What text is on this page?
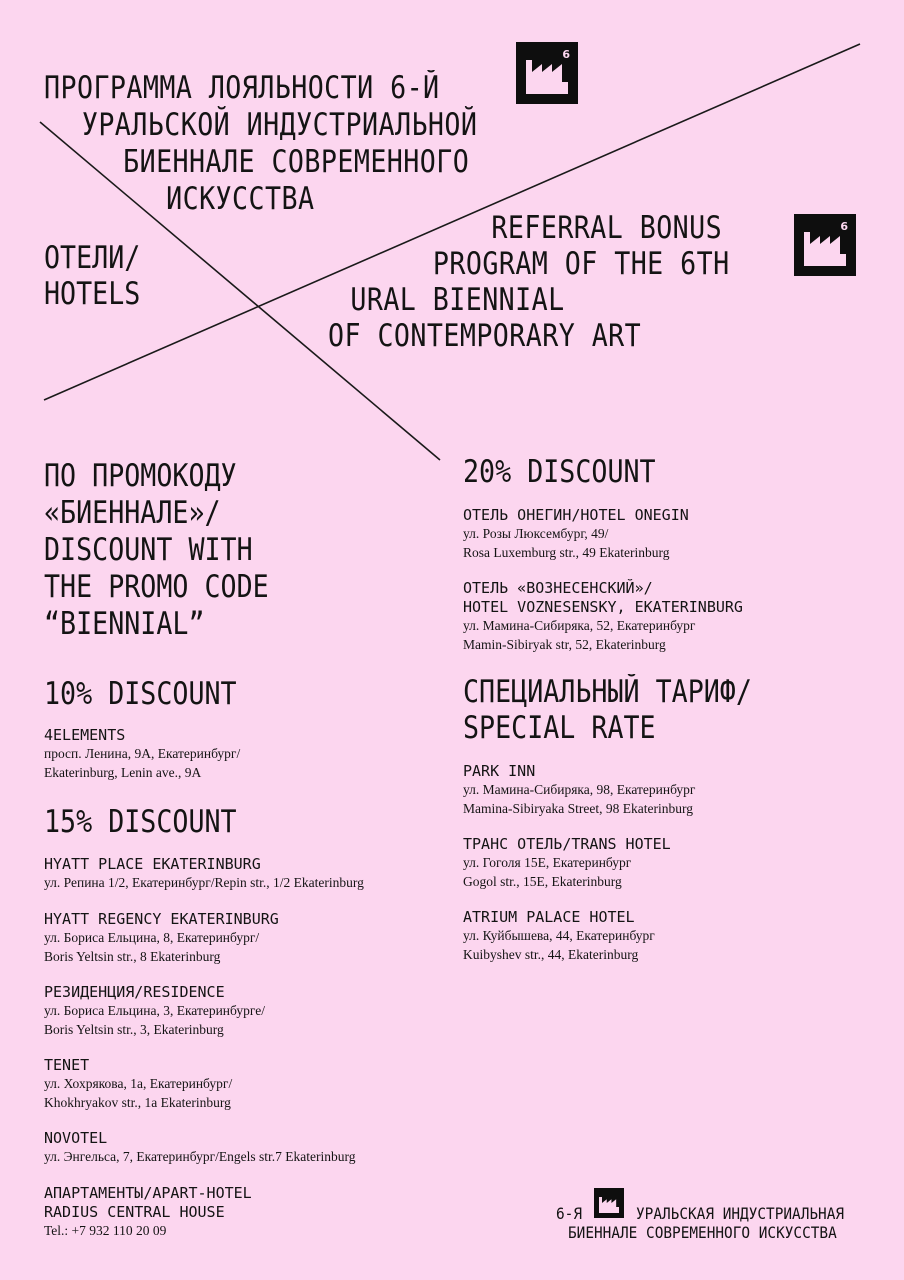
ПРОГРАММА ЛОЯЛЬНОСТИ 6-Й
УРАЛЬСКОЙ ИНДУСТРИАЛЬНОЙ
БИЕННАЛЕ СОВРЕМЕННОГО
ИСКУССТВА
6
ОТЕЛИ/
HOTELS
REFERRAL BONUS
PROGRAM OF THE 6TH
URAL BIENNIAL
OF CONTEMPORARY ART
6
ПО ПРОМОКОДУ
«БИЕННАЛЕ»/
DISCOUNT WITH
THE PROMO CODE
“BIENNIAL”
10% DISCOUNT
4ELEMENTS
просп. Ленина, 9А, Екатеринбург/
Ekaterinburg, Lenin ave., 9A
15% DISCOUNT
HYATT PLACE EKATERINBURG
ул. Репина 1/2, Екатеринбург/Repin str., 1/2 Ekaterinburg
HYATT REGENCY EKATERINBURG
ул. Бориса Ельцина, 8, Екатеринбург/
Boris Yeltsin str., 8 Ekaterinburg
РЕЗИДЕНЦИЯ/RESIDENCE
ул. Бориса Ельцина, 3, Екатеринбурге/
Boris Yeltsin str., 3, Ekaterinburg
TENET
ул. Хохрякова, 1а, Екатеринбург/
Khokhryakov str., 1a Ekaterinburg
NOVOTEL
ул. Энгельса, 7, Екатеринбург/Engels str.7 Ekaterinburg
АПАРТАМЕНТЫ/APART-HOTEL
RADIUS CENTRAL HOUSE
Tel.: +7 932 110 20 09
20% DISCOUNT
ОТЕЛЬ ОНЕГИН/HOTEL ONEGIN
ул. Розы Люксембург, 49/
Rosa Luxemburg str., 49 Ekaterinburg
ОТЕЛЬ «ВОЗНЕСЕНСКИЙ»/
HOTEL VOZNESENSKY, EKATERINBURG
ул. Мамина-Сибиряка, 52, Екатеринбург
Mamin-Sibiryak str, 52, Ekaterinburg
СПЕЦИАЛЬНЫЙ ТАРИФ/
SPECIAL RATE
PARK INN
ул. Мамина-Сибиряка, 98, Екатеринбург
Mamina-Sibiryaka Street, 98 Ekaterinburg
ТРАНС ОТЕЛЬ/TRANS HOTEL
ул. Гоголя 15Е, Екатеринбург
Gogol str., 15E, Ekaterinburg
ATRIUM PALACE HOTEL
ул. Куйбышева, 44, Екатеринбург
Kuibyshev str., 44, Ekaterinburg
6-Я	УРАЛЬСКАЯ ИНДУСТРИАЛЬНАЯ
БИЕННАЛЕ СОВРЕМЕННОГО ИСКУССТВА
